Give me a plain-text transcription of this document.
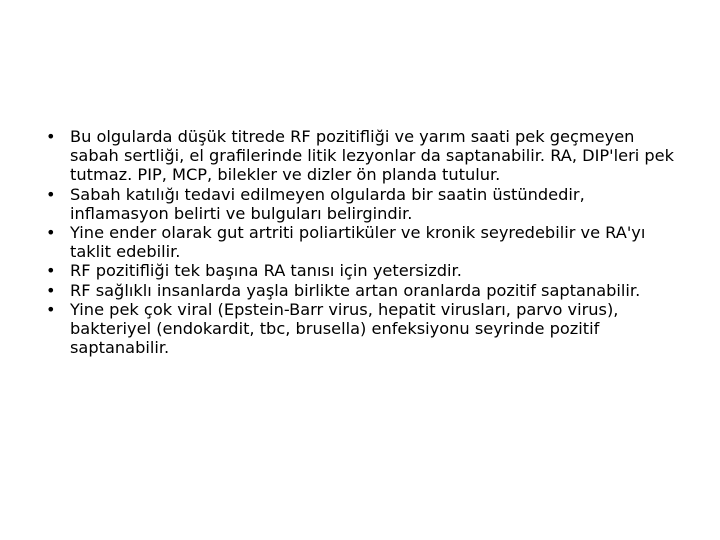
• Bu olgularda düşük titrede RF pozitifliği ve yarım saati pek geçmeyen sabah sertliği, el grafilerinde litik lezyonlar da saptanabilir. RA, DIP'leri pek tutmaz. PIP, MCP, bilekler ve dizler ön planda tutulur.
• Sabah katılığı tedavi edilmeyen olgularda bir saatin üstündedir, inflamasyon belirti ve bulguları belirgindir.
• Yine ender olarak gut artriti poliartiküler ve kronik seyredebilir ve RA'yı taklit edebilir.
• RF pozitifliği tek başına RA tanısı için yetersizdir.
• RF sağlıklı insanlarda yaşla birlikte artan oranlarda pozitif saptanabilir.
• Yine pek çok viral (Epstein-Barr virus, hepatit virusları, parvo virus), bakteriyel (endokardit, tbc, brusella) enfeksiyonu seyrinde pozitif saptanabilir.
